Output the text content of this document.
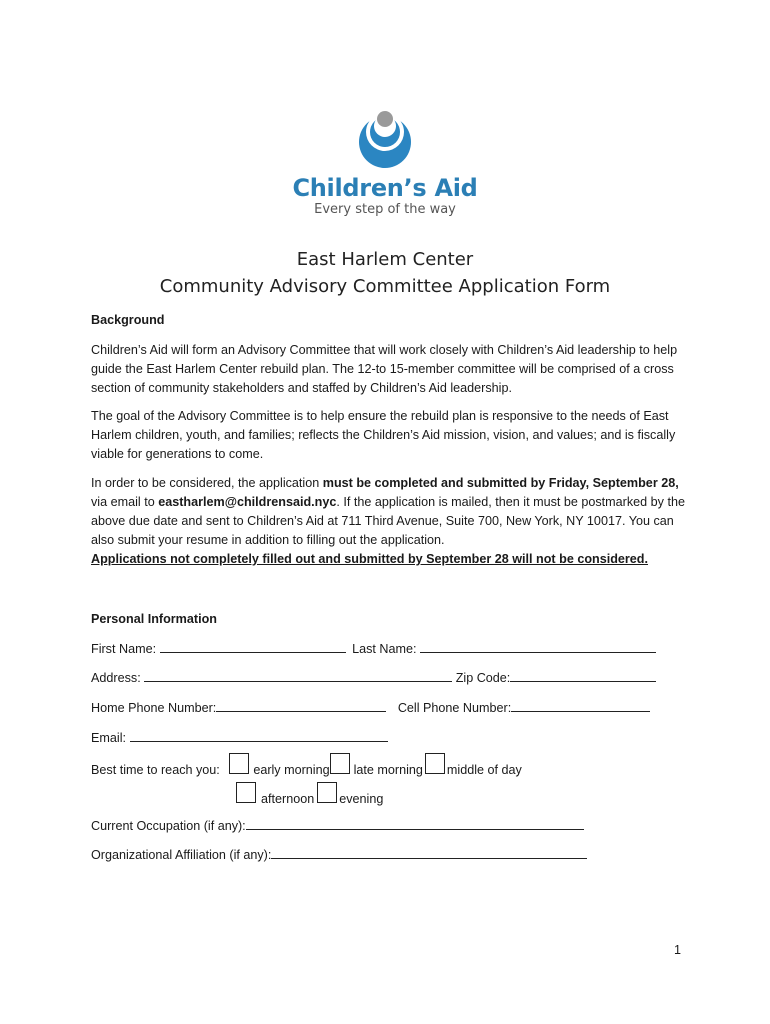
Children’s Aid
Every step of the way
East Harlem Center
Community Advisory Committee Application Form
Background

Children’s Aid will form an Advisory Committee that will work closely with Children’s Aid leadership to help guide the East Harlem Center rebuild plan. The 12-to 15-member committee will be comprised of a cross section of community stakeholders and staffed by Children’s Aid leadership.

The goal of the Advisory Committee is to help ensure the rebuild plan is responsive to the needs of East Harlem children, youth, and families; reflects the Children’s Aid mission, vision, and values; and is fiscally viable for generations to come.

In order to be considered, the application must be completed and submitted by Friday, September 28, via email to eastharlem@childrensaid.nyc. If the application is mailed, then it must be postmarked by the above due date and sent to Children’s Aid at 711 Third Avenue, Suite 700, New York, NY 10017. You can also submit your resume in addition to filling out the application.

Applications not completely filled out and submitted by September 28 will not be considered.

Personal Information
First Name:	Last Name:
Address:	Zip Code:
Home Phone Number:	Cell Phone Number:
Email:
Best time to reach you:	early morning late morning middle of day
afternoon evening
Current Occupation (if any):
Organizational Affiliation (if any):
1
